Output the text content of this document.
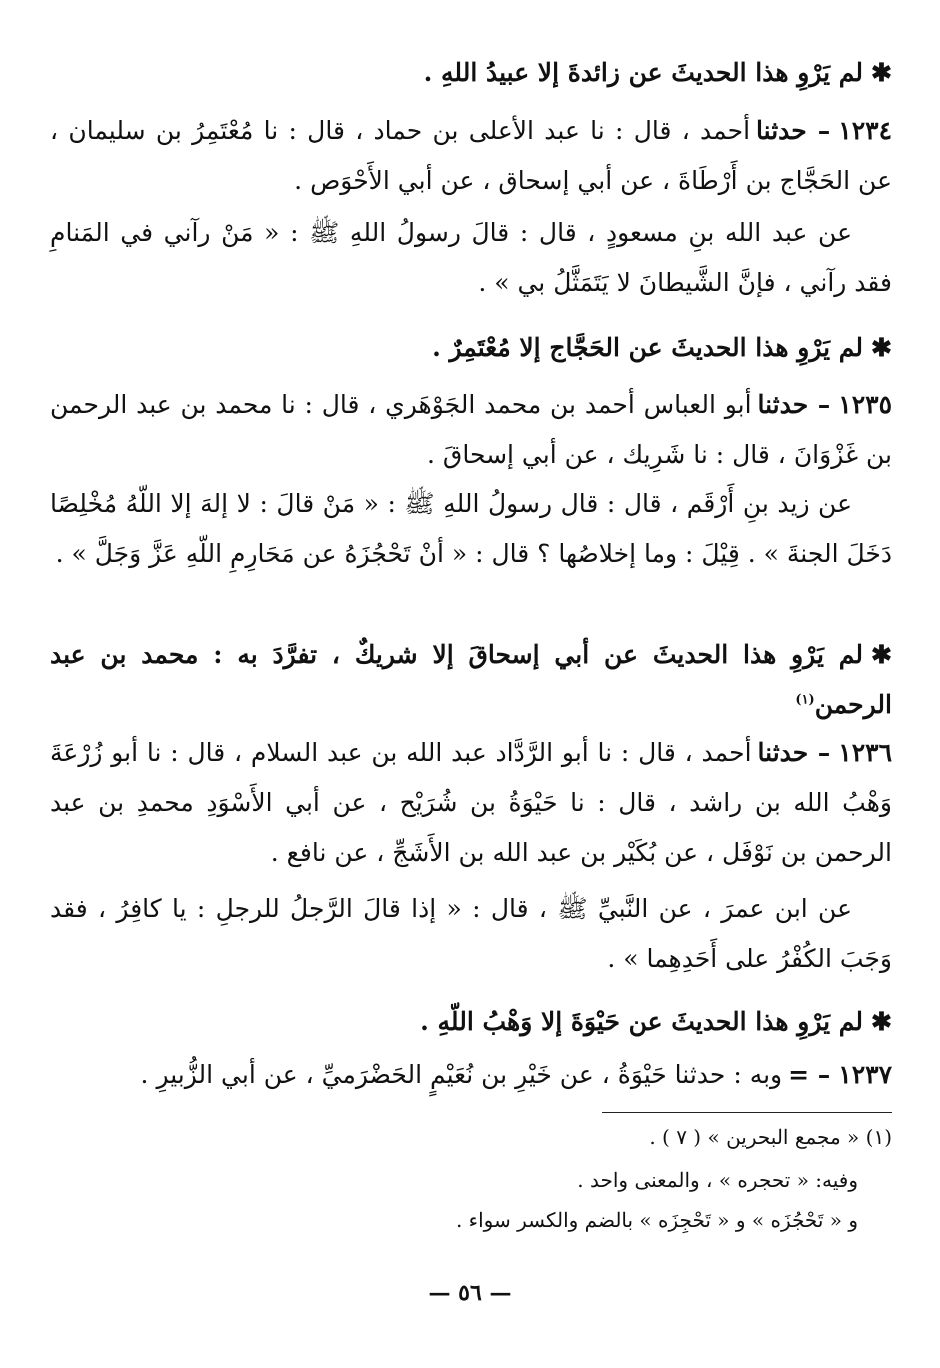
✱لم يَرْوِ هذا الحديثَ عن زائدةَ إلا عبيدُ اللهِ .
١٢٣٤– حدثناأحمد ، قال : نا عبد الأعلى بن حماد ، قال : نا مُعْتَمِرُ بن سليمان ، عن الحَجَّاج بن أَرْطَاةَ ، عن أبي إسحاق ، عن أبي الأَحْوَص .
عن عبد الله بنِ مسعودٍ ، قال : قالَ رسولُ اللهِ ﷺ : « مَنْ رآني في المَنامِ فقد رآني ، فإنَّ الشَّيطانَ لا يَتَمَثَّلُ بي » .
✱لم يَرْوِ هذا الحديثَ عن الحَجَّاج إلا مُعْتَمِرٌ .
١٢٣٥– حدثناأبو العباس أحمد بن محمد الجَوْهَري ، قال : نا محمد بن عبد الرحمن بن غَزْوَانَ ، قال : نا شَرِيك ، عن أبي إسحاقَ .
عن زيد بنِ أَرْقَم ، قال : قال رسولُ اللهِ ﷺ : « مَنْ قالَ : لا إلهَ إلا اللّهُ مُخْلِصًا دَخَلَ الجنةَ » . قِيْلَ : وما إخلاصُها ؟ قال : « أنْ تَحْجُزَهُ عن مَحَارِمِ اللّهِ عَزَّ وَجَلَّ » .
✱لم يَرْوِ هذا الحديثَ عن أبي إسحاقَ إلا شريكٌ ، تفرَّدَ به : محمد بن عبد الرحمن$^{(١)}$
١٢٣٦– حدثناأحمد ، قال : نا أبو الرَّدَّاد عبد الله بن عبد السلام ، قال : نا أبو زُرْعَةَ وَهْبُ الله بن راشد ، قال : نا حَيْوَةُ بن شُرَيْح ، عن أبي الأَسْوَدِ محمدِ بن عبد الرحمن بن نَوْفَل ، عن بُكَيْر بن عبد الله بن الأَشَجِّ ، عن نافع .
عن ابن عمرَ ، عن النَّبيِّ ﷺ ، قال : « إذا قالَ الرَّجلُ للرجلِ : يا كافِرُ ، فقد وَجَبَ الكُفْرُ على أَحَدِهِما » .
✱لم يَرْوِ هذا الحديثَ عن حَيْوَةَ إلا وَهْبُ اللّهِ .
١٢٣٧– =وبه : حدثنا حَيْوَةُ ، عن خَيْرِ بن نُعَيْمٍ الحَضْرَميِّ ، عن أبي الزُّبيرِ .
(١) « مجمع البحرين » ( ٧ ) .
وفيه: « تحجره » ، والمعنى واحد .
و « تَحْجُزَه » و « تَحْجِزَه » بالضم والكسر سواء .
— ٥٦ —
